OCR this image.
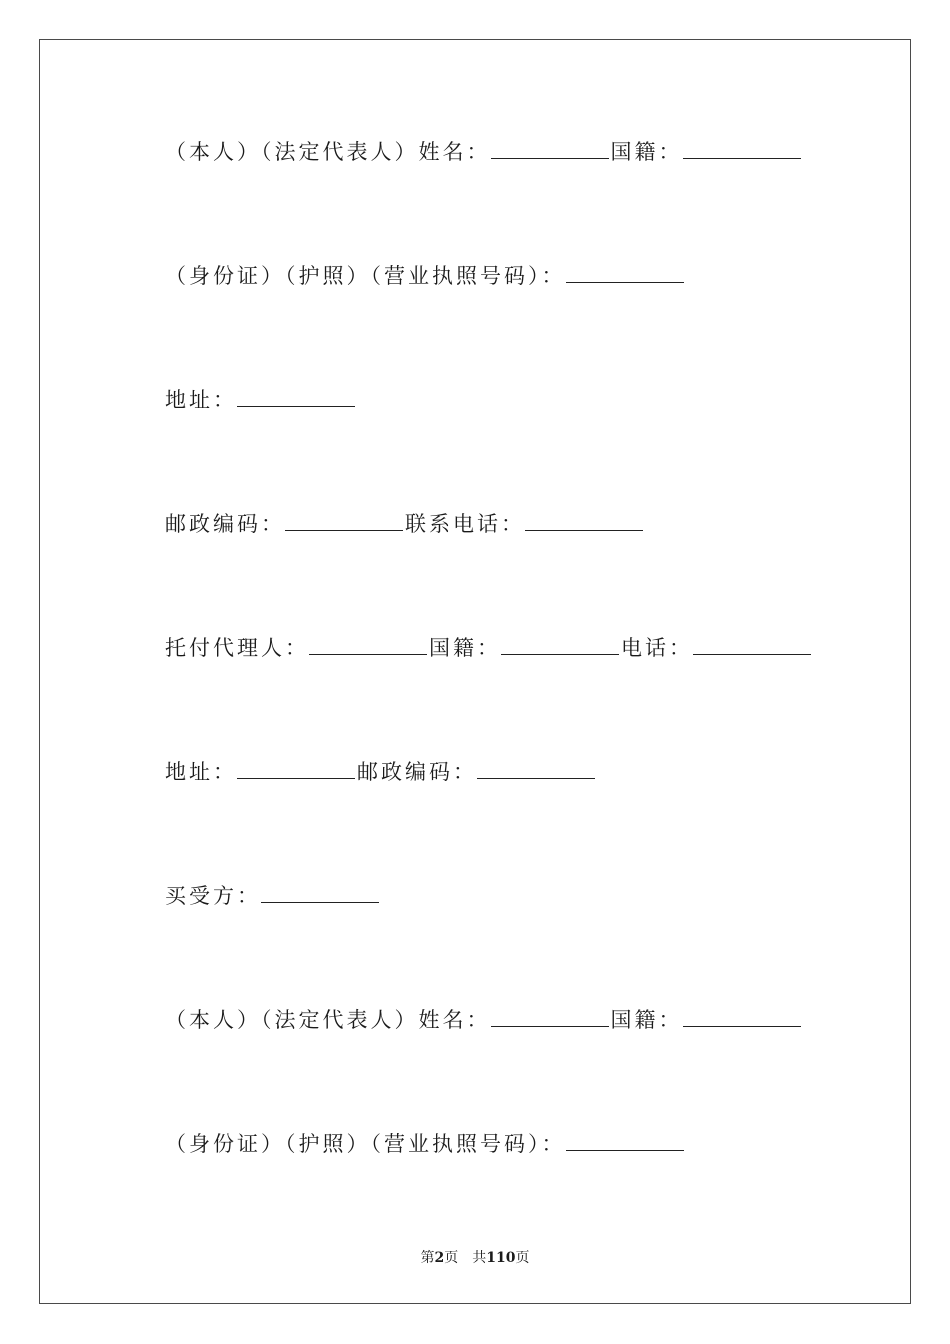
（本人）（法定代表人）姓名：	国籍：
（身份证）（护照）（营业执照号码）：
地址：
邮政编码：	联系电话：
托付代理人：	国籍：	电话：
地址：	邮政编码：
买受方：
（本人）（法定代表人）姓名：	国籍：
（身份证）（护照）（营业执照号码）：
第2页　共110页
